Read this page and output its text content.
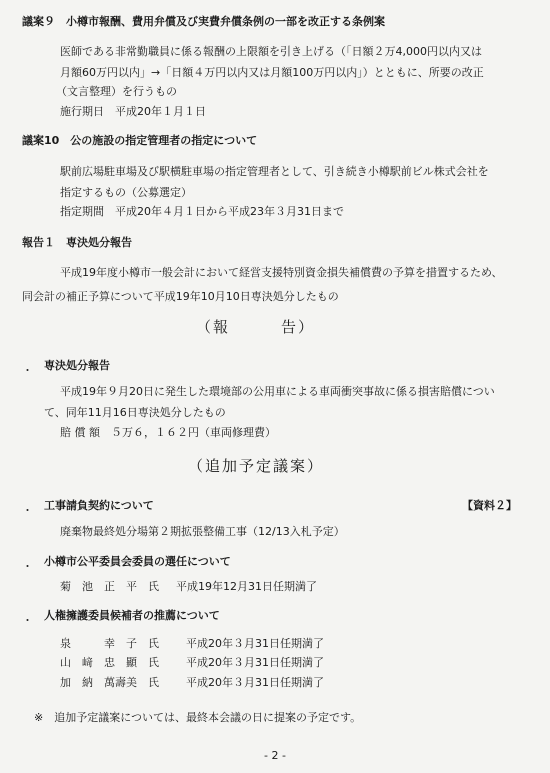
議案９　小樽市報酬、費用弁償及び実費弁償条例の一部を改正する条例案
医師である非常勤職員に係る報酬の上限額を引き上げる（「日額２万4,000円以内又は
月額60万円以内」→「日額４万円以内又は月額100万円以内」）とともに、所要の改正
（文言整理）を行うもの
施行期日　平成20年１月１日
議案10　公の施設の指定管理者の指定について
駅前広場駐車場及び駅横駐車場の指定管理者として、引き続き小樽駅前ビル株式会社を
指定するもの（公募選定）
指定期間　平成20年４月１日から平成23年３月31日まで
報告１　専決処分報告
平成19年度小樽市一般会計において経営支援特別資金損失補償費の予算を措置するため、
同会計の補正予算について平成19年10月10日専決処分したもの
（報　　　告）
・ 専決処分報告
平成19年９月20日に発生した環境部の公用車による車両衝突事故に係る損害賠償につい
て、同年11月16日専決処分したもの
賠 償 額　５万６，１６２円（車両修理費）
（追加予定議案）
・ 工事請負契約について	【資料２】
廃棄物最終処分場第２期拡張整備工事（12/13入札予定）
・ 小樽市公平委員会委員の選任について
菊　池　正　平　氏 平成19年12月31日任期満了
・ 人権擁護委員候補者の推薦について
泉　　　幸　子　氏 平成20年３月31日任期満了
山　﨑　忠　顯　氏 平成20年３月31日任期満了
加　納　萬壽美　氏 平成20年３月31日任期満了
※　追加予定議案については、最終本会議の日に提案の予定です。
- 2 -
